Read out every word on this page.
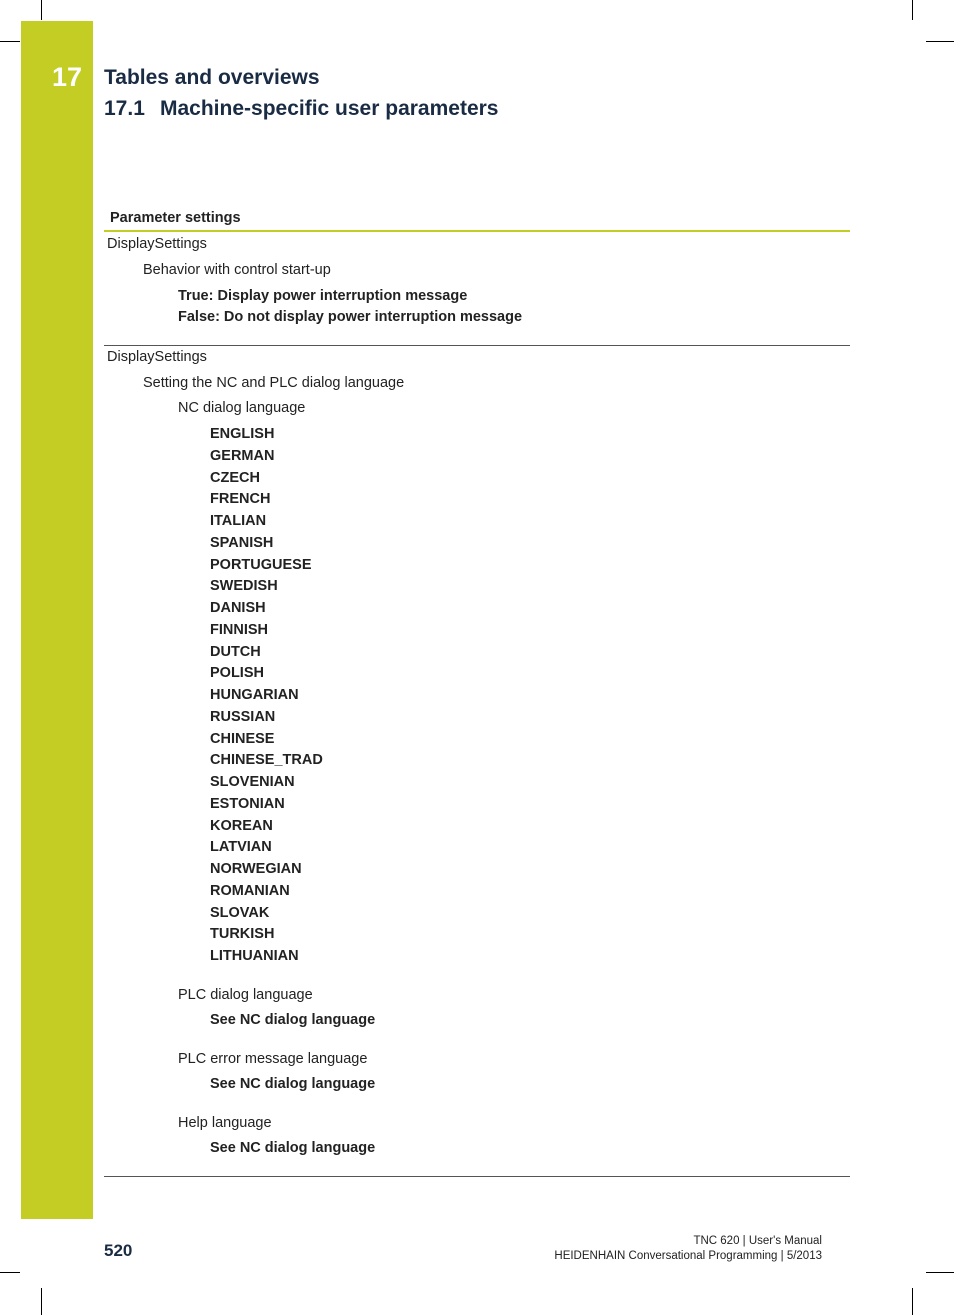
17 Tables and overviews
17.1 Machine-specific user parameters
Parameter settings
DisplaySettings
Behavior with control start-up
True: Display power interruption message
False: Do not display power interruption message
DisplaySettings
Setting the NC and PLC dialog language
NC dialog language
ENGLISH
GERMAN
CZECH
FRENCH
ITALIAN
SPANISH
PORTUGUESE
SWEDISH
DANISH
FINNISH
DUTCH
POLISH
HUNGARIAN
RUSSIAN
CHINESE
CHINESE_TRAD
SLOVENIAN
ESTONIAN
KOREAN
LATVIAN
NORWEGIAN
ROMANIAN
SLOVAK
TURKISH
LITHUANIAN
PLC dialog language
See NC dialog language
PLC error message language
See NC dialog language
Help language
See NC dialog language
520	TNC 620 | User's Manual
HEIDENHAIN Conversational Programming | 5/2013
